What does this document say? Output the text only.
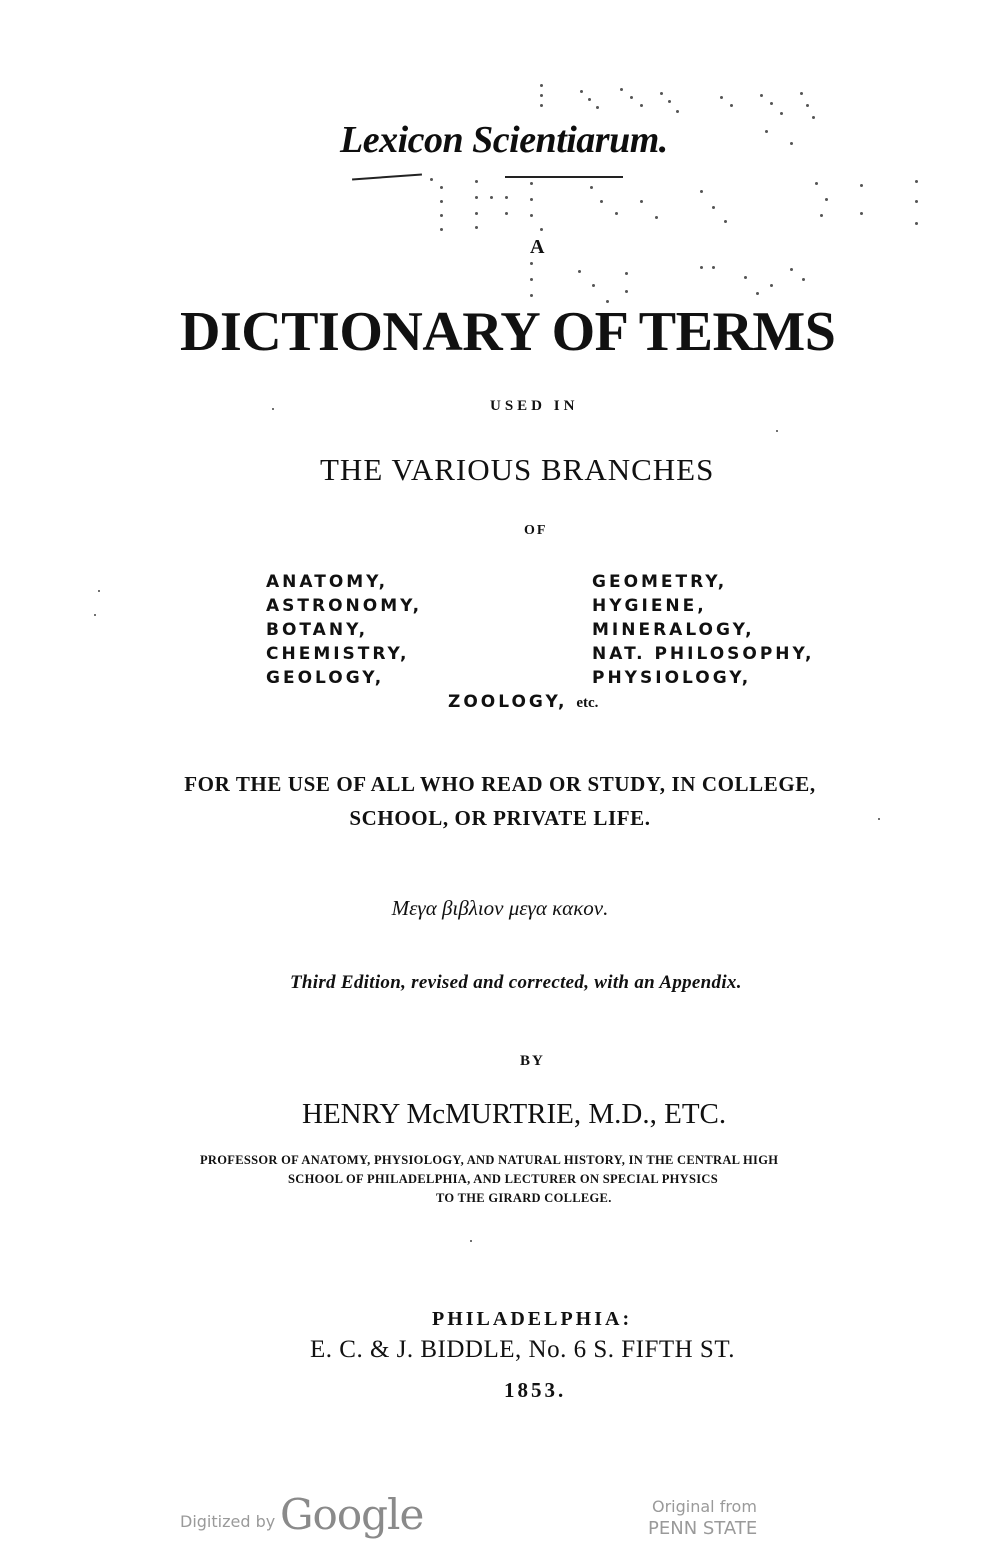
Lexicon Scientiarum.
A
DICTIONARY OF TERMS
USED IN
THE VARIOUS BRANCHES
OF
ANATOMY,
ASTRONOMY,
BOTANY,
CHEMISTRY,
GEOLOGY,
GEOMETRY,
HYGIENE,
MINERALOGY,
NAT. PHILOSOPHY,
PHYSIOLOGY,
ZOOLOGY, etc.
FOR THE USE OF ALL WHO READ OR STUDY, IN COLLEGE,
SCHOOL, OR PRIVATE LIFE.
Μεγα βιβλιον μεγα κακον.
Third Edition, revised and corrected, with an Appendix.
BY
HENRY McMURTRIE, M.D., ETC.
PROFESSOR OF ANATOMY, PHYSIOLOGY, AND NATURAL HISTORY, IN THE CENTRAL HIGH
SCHOOL OF PHILADELPHIA, AND LECTURER ON SPECIAL PHYSICS
TO THE GIRARD COLLEGE.
PHILADELPHIA:
E. C. & J. BIDDLE, No. 6 S. FIFTH ST.
1853.
Digitized by Google	Original from
PENN STATE
